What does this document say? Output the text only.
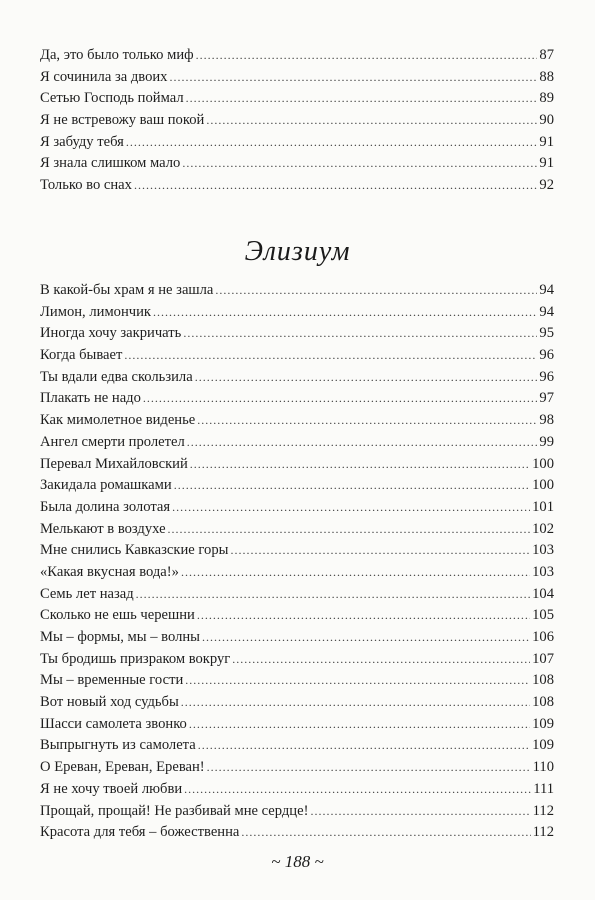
Да, это было только миф .....	87
Я сочинила за двоих .....	88
Сетью Господь поймал .....	89
Я не встревожу ваш покой .....	90
Я забуду тебя .....	91
Я знала слишком мало .....	91
Только во снах .....	92
Элизиум
В какой-бы храм я не зашла .....	94
Лимон, лимончик .....	94
Иногда хочу закричать .....	95
Когда бывает .....	96
Ты вдали едва скользила .....	96
Плакать не надо .....	97
Как мимолетное виденье .....	98
Ангел смерти пролетел .....	99
Перевал Михайловский .....	100
Закидала ромашками .....	100
Была долина золотая .....	101
Мелькают в воздухе .....	102
Мне снились Кавказские горы .....	103
«Какая вкусная вода!» .....	103
Семь лет назад .....	104
Сколько не ешь черешни .....	105
Мы – формы, мы – волны .....	106
Ты бродишь призраком вокруг .....	107
Мы – временные гости .....	108
Вот новый ход судьбы .....	108
Шасси самолета звонко .....	109
Выпрыгнуть из самолета .....	109
О Ереван, Ереван, Ереван! .....	110
Я не хочу твоей любви .....	111
Прощай, прощай! Не разбивай мне сердце! .....	112
Красота для тебя – божественна .....	112
~ 188 ~
